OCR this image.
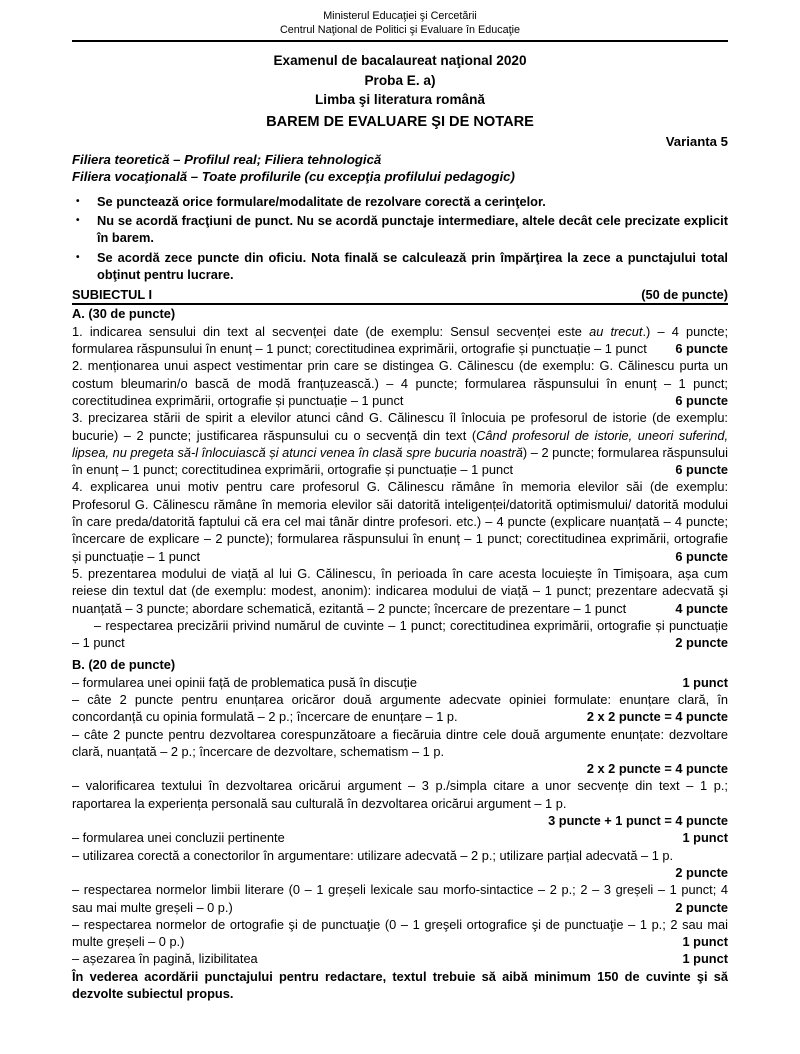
Ministerul Educaţiei şi Cercetării
Centrul Naţional de Politici şi Evaluare în Educaţie
Examenul de bacalaureat naţional 2020
Proba E. a)
Limba şi literatura română
BAREM DE EVALUARE ŞI DE NOTARE
Varianta 5
Filiera teoretică – Profilul real; Filiera tehnologică
Filiera vocaţională – Toate profilurile (cu excepţia profilului pedagogic)
• Se punctează orice formulare/modalitate de rezolvare corectă a cerinţelor.
• Nu se acordă fracţiuni de punct. Nu se acordă punctaje intermediare, altele decât cele precizate explicit în barem.
• Se acordă zece puncte din oficiu. Nota finală se calculează prin împărţirea la zece a punctajului total obţinut pentru lucrare.
SUBIECTUL I	(50 de puncte)
A. (30 de puncte)

1. indicarea sensului din text al secvenței date (de exemplu: Sensul secvenței este au trecut.) – 4 puncte; formularea răspunsului în enunț – 1 punct; corectitudinea exprimării, ortografie și punctuație – 1 punct 6 puncte

2. menționarea unui aspect vestimentar prin care se distingea G. Călinescu (de exemplu: G. Călinescu purta un costum bleumarin/o bască de modă franțuzească.) – 4 puncte; formularea răspunsului în enunț – 1 punct; corectitudinea exprimării, ortografie și punctuație – 1 punct	6 puncte

3. precizarea stării de spirit a elevilor atunci când G. Călinescu îl înlocuia pe profesorul de istorie (de exemplu: bucurie) – 2 puncte; justificarea răspunsului cu o secvență din text (Când profesorul de istorie, uneori suferind, lipsea, nu pregeta să-l înlocuiască și atunci venea în clasă spre bucuria noastră) – 2 puncte; formularea răspunsului în enunț – 1 punct; corectitudinea exprimării, ortografie și punctuație – 1 punct	6 puncte

4. explicarea unui motiv pentru care profesorul G. Călinescu rămâne în memoria elevilor săi (de exemplu: Profesorul G. Călinescu rămâne în memoria elevilor săi datorită inteligenței/datorită optimismului/ datorită modului în care preda/datorită faptului că era cel mai tânăr dintre profesori. etc.) – 4 puncte (explicare nuanțată – 4 puncte; încercare de explicare – 2 puncte); formularea răspunsului în enunț – 1 punct; corectitudinea exprimării, ortografie și punctuație – 1 punct	6 puncte

5. prezentarea modului de viață al lui G. Călinescu, în perioada în care acesta locuiește în Timișoara, așa cum reiese din textul dat (de exemplu: modest, anonim): indicarea modului de viață – 1 punct; prezentare adecvată şi nuanțată – 3 puncte; abordare schematică, ezitantă – 2 puncte; încercare de prezentare – 1 punct	4 puncte

– respectarea precizării privind numărul de cuvinte – 1 punct; corectitudinea exprimării, ortografie și punctuație – 1 punct	2 puncte

B. (20 de puncte)

– formularea unei opinii față de problematica pusă în discuție	1 punct

– câte 2 puncte pentru enunțarea oricăror două argumente adecvate opiniei formulate: enunțare clară, în concordanță cu opinia formulată – 2 p.; încercare de enunțare – 1 p.	2 x 2 puncte = 4 puncte

– câte 2 puncte pentru dezvoltarea corespunzătoare a fiecăruia dintre cele două argumente enunțate: dezvoltare clară, nuanțată – 2 p.; încercare de dezvoltare, schematism – 1 p.

2 x 2 puncte = 4 puncte

– valorificarea textului în dezvoltarea oricărui argument – 3 p./simpla citare a unor secvențe din text – 1 p.; raportarea la experiența personală sau culturală în dezvoltarea oricărui argument – 1 p.

3 puncte + 1 punct = 4 puncte

– formularea unei concluzii pertinente	1 punct

– utilizarea corectă a conectorilor în argumentare: utilizare adecvată – 2 p.; utilizare parțial adecvată – 1 p.
2 puncte

– respectarea normelor limbii literare (0 – 1 greșeli lexicale sau morfo-sintactice – 2 p.; 2 – 3 greșeli – 1 punct; 4 sau mai multe greșeli – 0 p.)	2 puncte

– respectarea normelor de ortografie şi de punctuaţie (0 – 1 greşeli ortografice şi de punctuaţie – 1 p.; 2 sau mai multe greșeli – 0 p.)	1 punct

– așezarea în pagină, lizibilitatea	1 punct

În vederea acordării punctajului pentru redactare, textul trebuie să aibă minimum 150 de cuvinte şi să dezvolte subiectul propus.
